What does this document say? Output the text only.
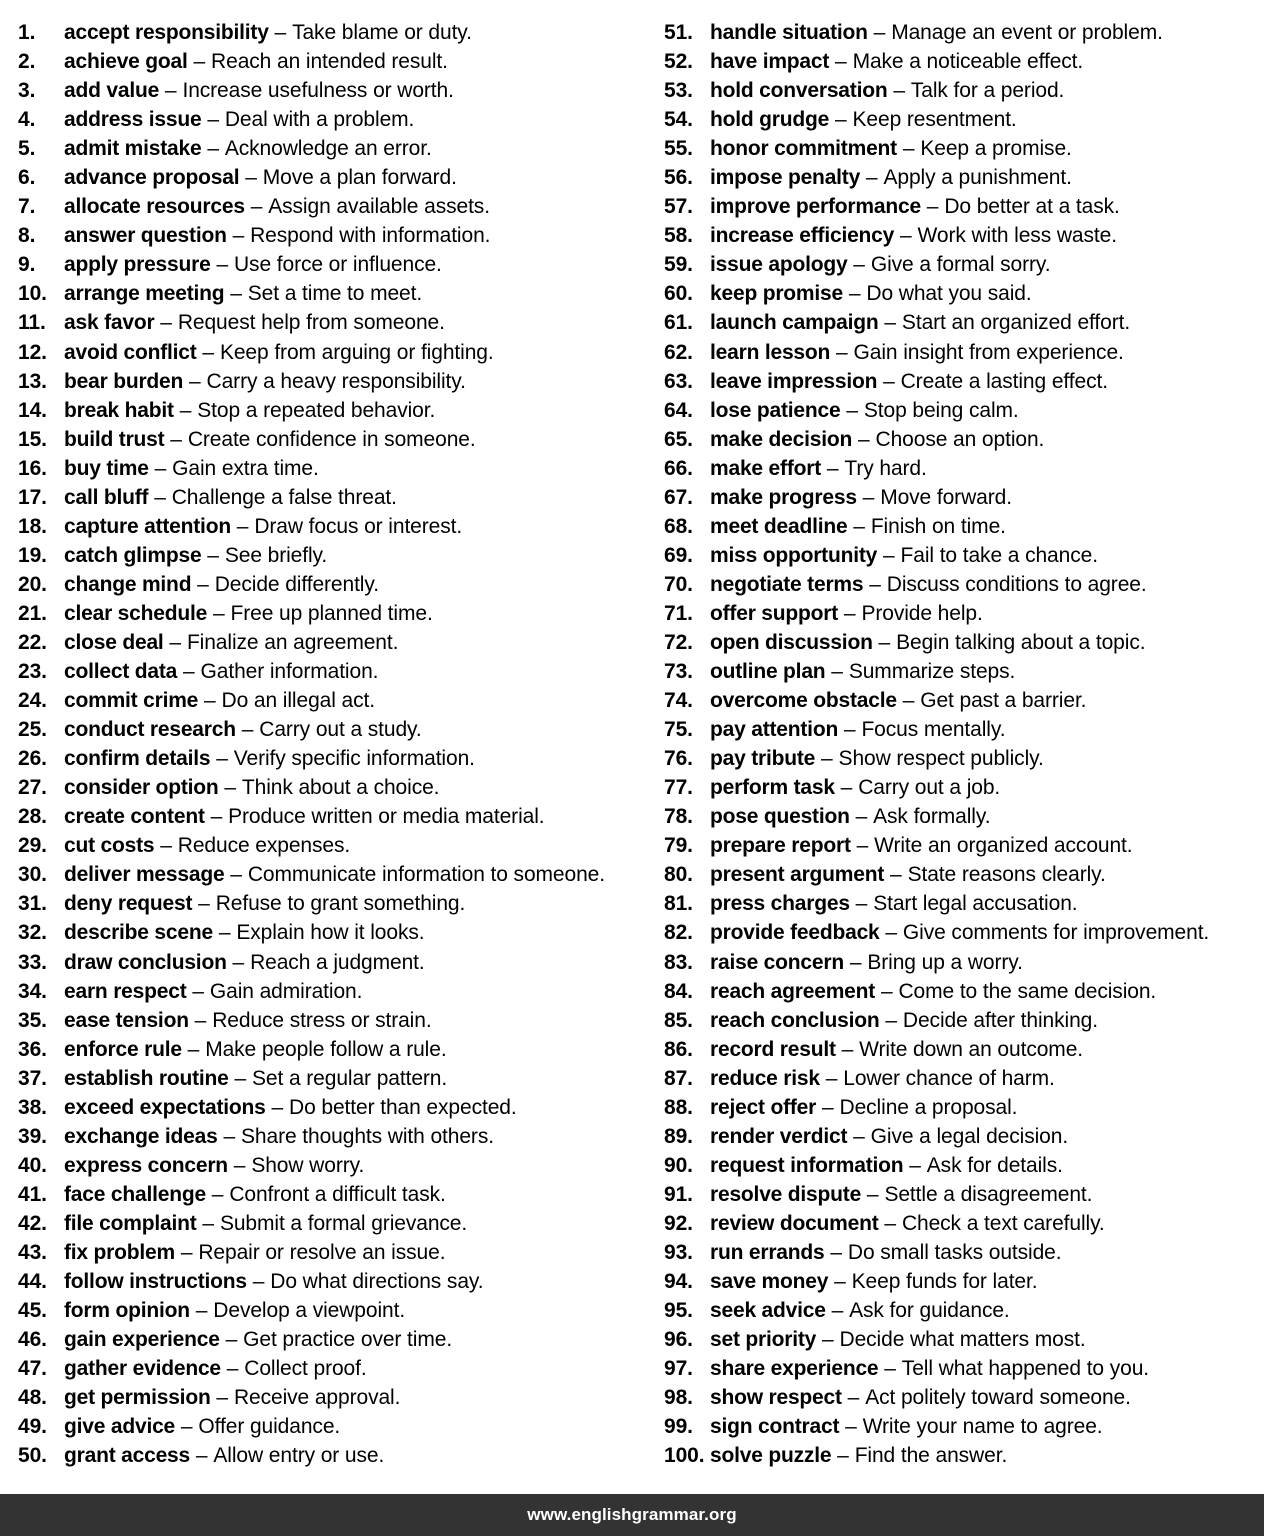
1.	accept responsibility – Take blame or duty.
2.	achieve goal – Reach an intended result.
3.	add value – Increase usefulness or worth.
4.	address issue – Deal with a problem.
5.	admit mistake – Acknowledge an error.
6.	advance proposal – Move a plan forward.
7.	allocate resources – Assign available assets.
8.	answer question – Respond with information.
9.	apply pressure – Use force or influence.
10. arrange meeting – Set a time to meet.
11. ask favor – Request help from someone.
12. avoid conflict – Keep from arguing or fighting.
13. bear burden – Carry a heavy responsibility.
14. break habit – Stop a repeated behavior.
15. build trust – Create confidence in someone.
16. buy time – Gain extra time.
17. call bluff – Challenge a false threat.
18. capture attention – Draw focus or interest.
19. catch glimpse – See briefly.
20. change mind – Decide differently.
21. clear schedule – Free up planned time.
22. close deal – Finalize an agreement.
23. collect data – Gather information.
24. commit crime – Do an illegal act.
25. conduct research – Carry out a study.
26. confirm details – Verify specific information.
27. consider option – Think about a choice.
28. create content – Produce written or media material.
29. cut costs – Reduce expenses.
30. deliver message – Communicate information to someone.
31. deny request – Refuse to grant something.
32. describe scene – Explain how it looks.
33. draw conclusion – Reach a judgment.
34. earn respect – Gain admiration.
35. ease tension – Reduce stress or strain.
36. enforce rule – Make people follow a rule.
37. establish routine – Set a regular pattern.
38. exceed expectations – Do better than expected.
39. exchange ideas – Share thoughts with others.
40. express concern – Show worry.
41. face challenge – Confront a difficult task.
42. file complaint – Submit a formal grievance.
43. fix problem – Repair or resolve an issue.
44. follow instructions – Do what directions say.
45. form opinion – Develop a viewpoint.
46. gain experience – Get practice over time.
47. gather evidence – Collect proof.
48. get permission – Receive approval.
49. give advice – Offer guidance.
50. grant access – Allow entry or use.
51. handle situation – Manage an event or problem.
52. have impact – Make a noticeable effect.
53. hold conversation – Talk for a period.
54. hold grudge – Keep resentment.
55. honor commitment – Keep a promise.
56. impose penalty – Apply a punishment.
57. improve performance – Do better at a task.
58. increase efficiency – Work with less waste.
59. issue apology – Give a formal sorry.
60. keep promise – Do what you said.
61. launch campaign – Start an organized effort.
62. learn lesson – Gain insight from experience.
63. leave impression – Create a lasting effect.
64. lose patience – Stop being calm.
65. make decision – Choose an option.
66. make effort – Try hard.
67. make progress – Move forward.
68. meet deadline – Finish on time.
69. miss opportunity – Fail to take a chance.
70. negotiate terms – Discuss conditions to agree.
71. offer support – Provide help.
72. open discussion – Begin talking about a topic.
73. outline plan – Summarize steps.
74. overcome obstacle – Get past a barrier.
75. pay attention – Focus mentally.
76. pay tribute – Show respect publicly.
77. perform task – Carry out a job.
78. pose question – Ask formally.
79. prepare report – Write an organized account.
80. present argument – State reasons clearly.
81. press charges – Start legal accusation.
82. provide feedback – Give comments for improvement.
83. raise concern – Bring up a worry.
84. reach agreement – Come to the same decision.
85. reach conclusion – Decide after thinking.
86. record result – Write down an outcome.
87. reduce risk – Lower chance of harm.
88. reject offer – Decline a proposal.
89. render verdict – Give a legal decision.
90. request information – Ask for details.
91. resolve dispute – Settle a disagreement.
92. review document – Check a text carefully.
93. run errands – Do small tasks outside.
94. save money – Keep funds for later.
95. seek advice – Ask for guidance.
96. set priority – Decide what matters most.
97. share experience – Tell what happened to you.
98. show respect – Act politely toward someone.
99. sign contract – Write your name to agree.
100. solve puzzle – Find the answer.
www.englishgrammar.org
